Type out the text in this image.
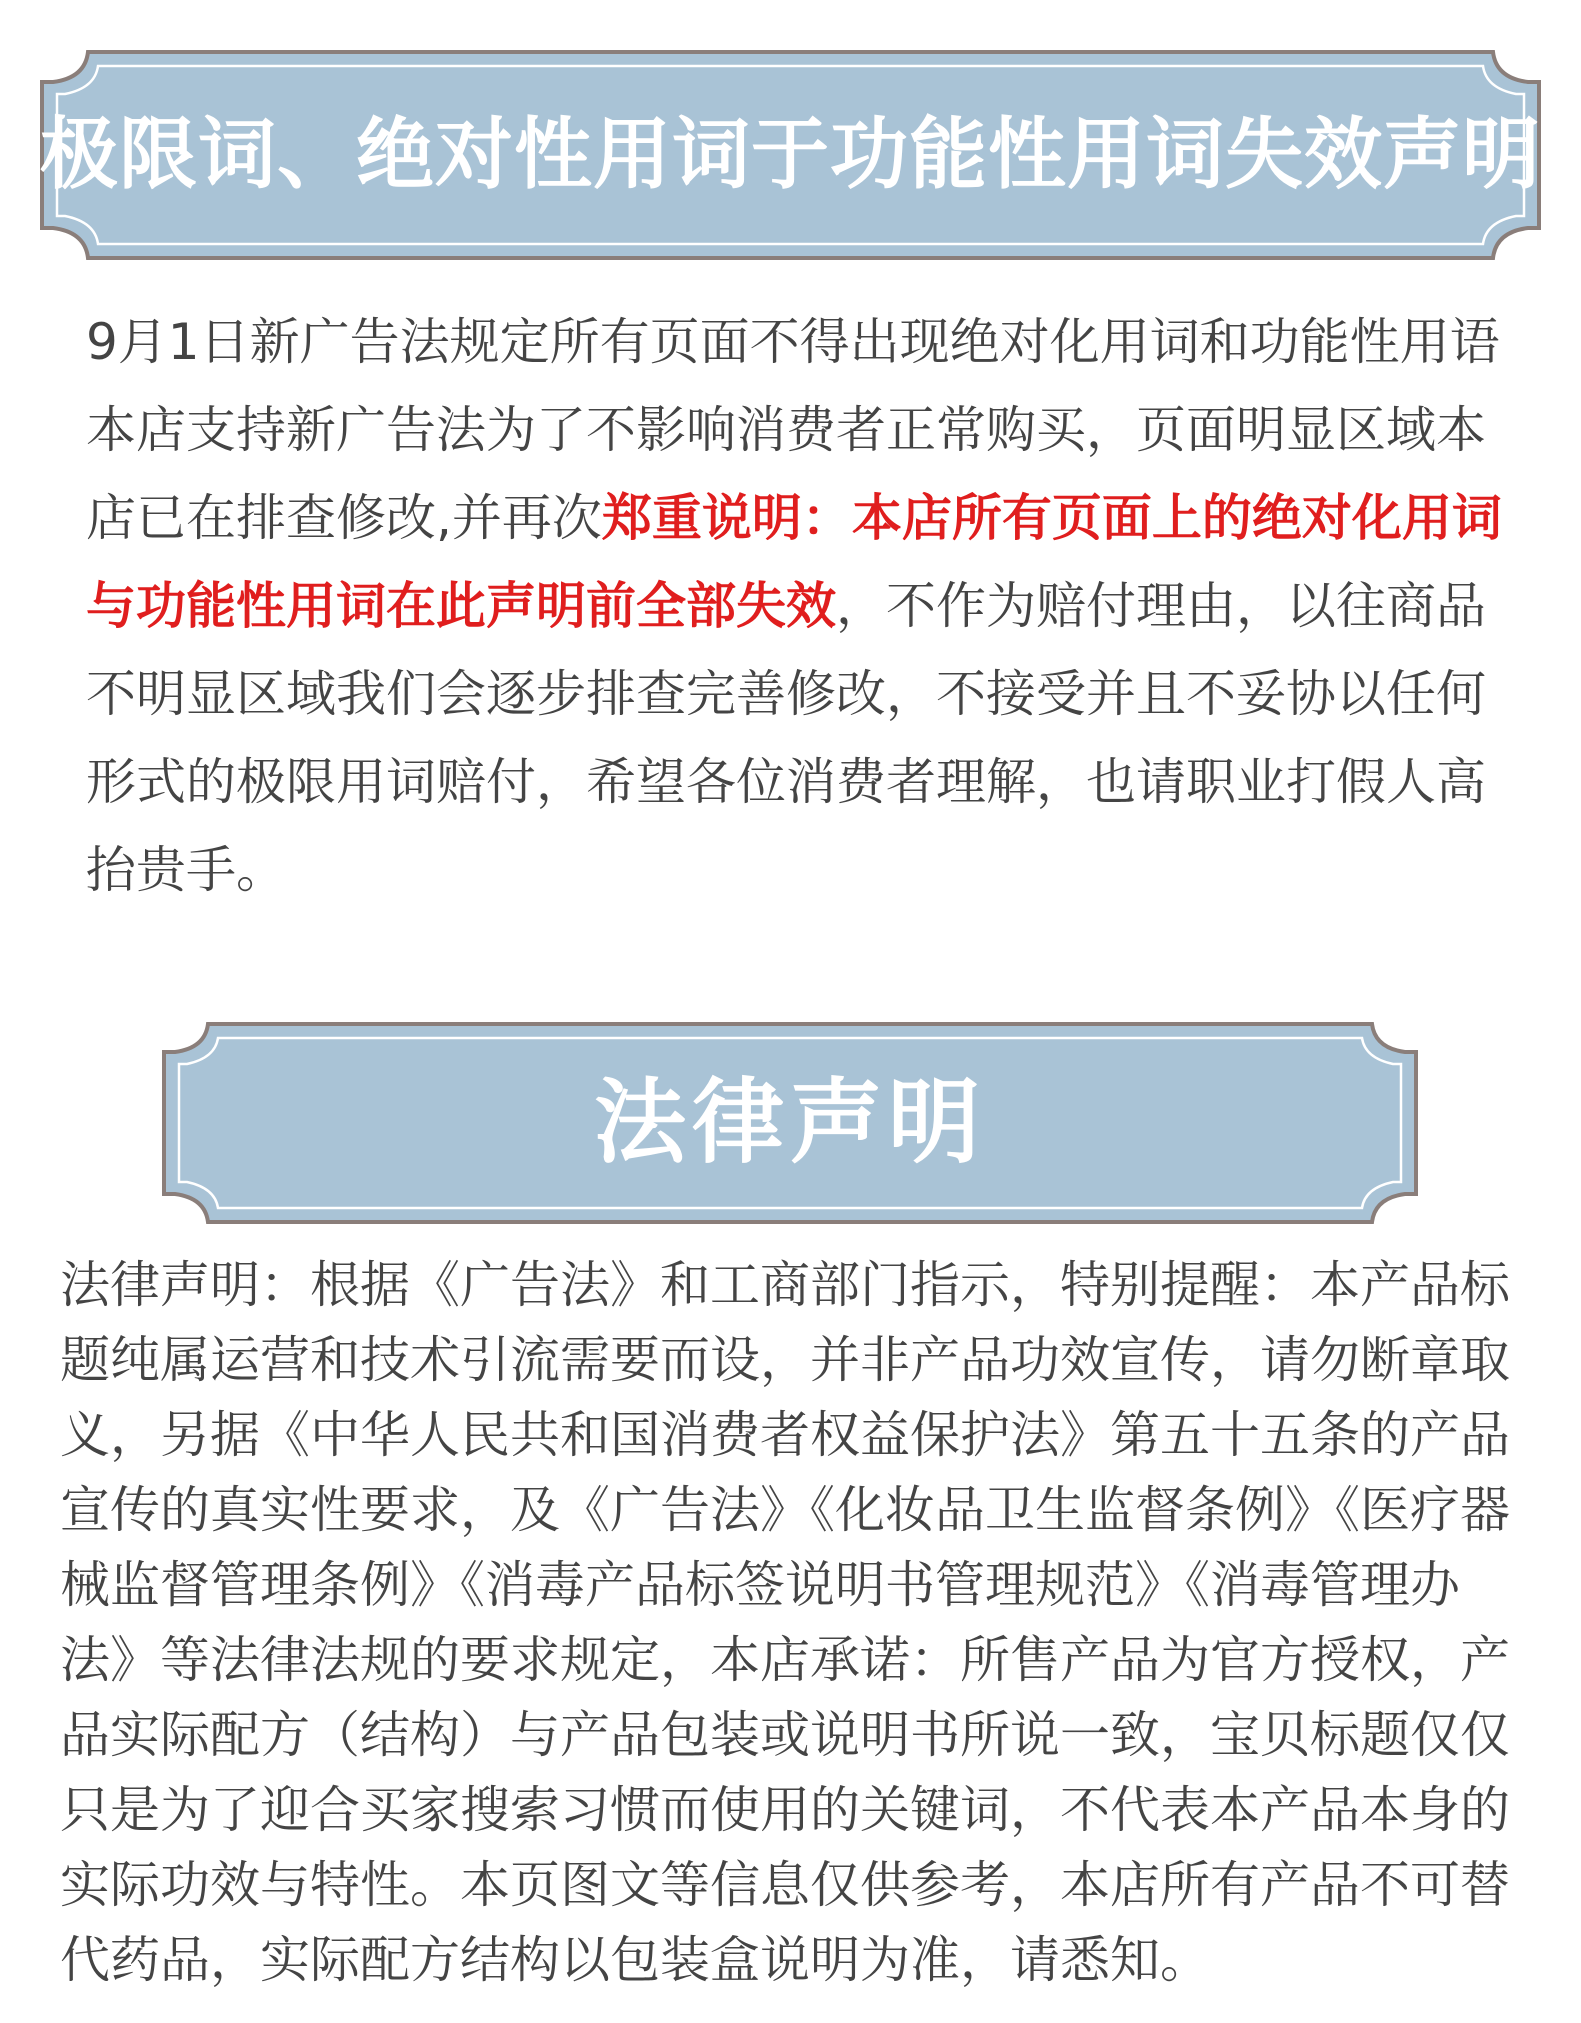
极限词、绝对性用词于功能性用词失效声明
9月1日新广告法规定所有页面不得出现绝对化用词和功能性用语本店支持新广告法为了不影响消费者正常购买，页面明显区域本店已在排查修改,并再次郑重说明：本店所有页面上的绝对化用词与功能性用词在此声明前全部失效，不作为赔付理由，以往商品 不明显区域我们会逐步排查完善修改，不接受并且不妥协以任何形式的极限用词赔付，希望各位消费者理解，也请职业打假人高抬贵手。
法律声明
法律声明：根据《广告法》和工商部门指示，特别提醒：本产品标题纯属运营和技术引流需要而设，并非产品功效宣传，请勿断章取义，另据《中华人民共和国消费者权益保护法》第五十五条的产品宣传的真实性要求，及《广告法》《化妆品卫生监督条例》《医疗器械监督管理条例》《消毒产品标签说明书管理规范》《消毒管理办法》等法律法规的要求规定，本店承诺：所售产品为官方授权，产品实际配方（结构）与产品包装或说明书所说一致，宝贝标题仅仅只是为了迎合买家搜索习惯而使用的关键词，不代表本产品本身的实际功效与特性。本页图文等信息仅供参考，本店所有产品不可替代药品，实际配方结构以包装盒说明为准，请悉知。
